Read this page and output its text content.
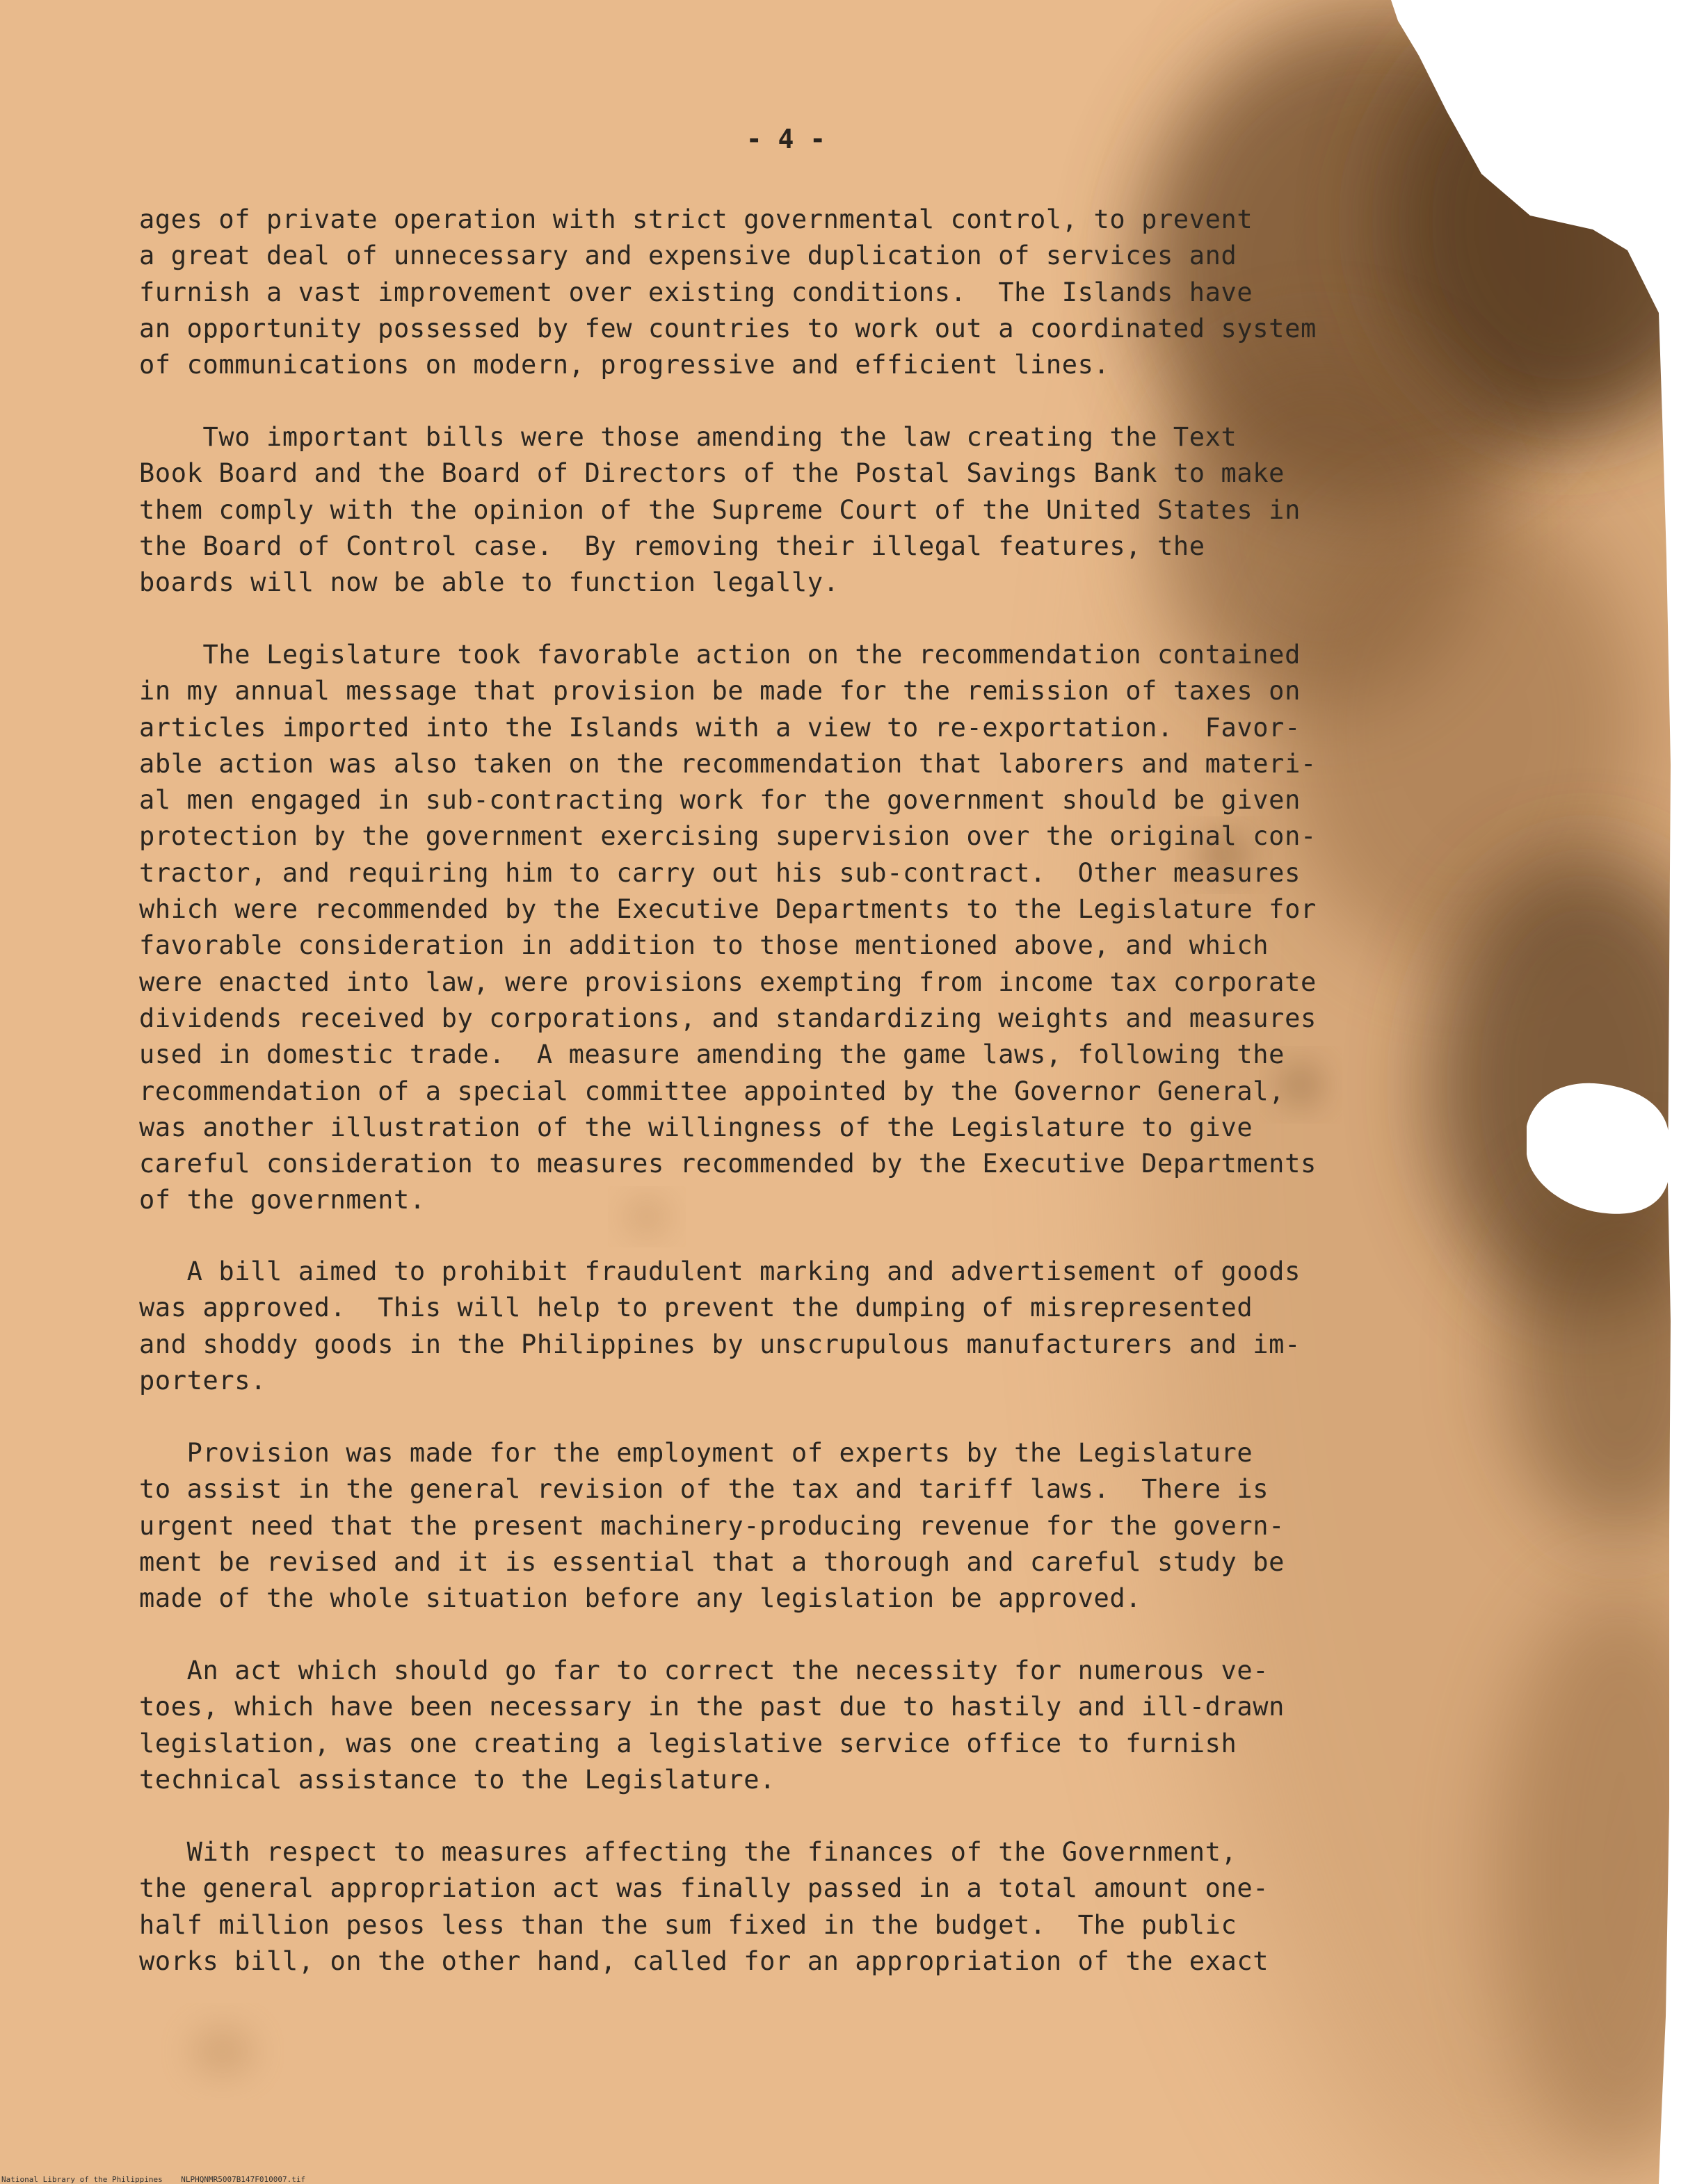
- 4 -

ages of private operation with strict governmental control, to prevent
a great deal of unnecessary and expensive duplication of services and
furnish a vast improvement over existing conditions.  The Islands have
an opportunity possessed by few countries to work out a coordinated system
of communications on modern, progressive and efficient lines.

Two important bills were those amending the law creating the Text
Book Board and the Board of Directors of the Postal Savings Bank to make
them comply with the opinion of the Supreme Court of the United States in
the Board of Control case.  By removing their illegal features, the
boards will now be able to function legally.

The Legislature took favorable action on the recommendation contained
in my annual message that provision be made for the remission of taxes on
articles imported into the Islands with a view to re-exportation.  Favor-
able action was also taken on the recommendation that laborers and materi-
al men engaged in sub-contracting work for the government should be given
protection by the government exercising supervision over the original con-
tractor, and requiring him to carry out his sub-contract.  Other measures
which were recommended by the Executive Departments to the Legislature for
favorable consideration in addition to those mentioned above, and which
were enacted into law, were provisions exempting from income tax corporate
dividends received by corporations, and standardizing weights and measures
used in domestic trade.  A measure amending the game laws, following the
recommendation of a special committee appointed by the Governor General,
was another illustration of the willingness of the Legislature to give
careful consideration to measures recommended by the Executive Departments
of the government.

A bill aimed to prohibit fraudulent marking and advertisement of goods
was approved.  This will help to prevent the dumping of misrepresented
and shoddy goods in the Philippines by unscrupulous manufacturers and im-
porters.

Provision was made for the employment of experts by the Legislature
to assist in the general revision of the tax and tariff laws.  There is
urgent need that the present machinery-producing revenue for the govern-
ment be revised and it is essential that a thorough and careful study be
made of the whole situation before any legislation be approved.

An act which should go far to correct the necessity for numerous ve-
toes, which have been necessary in the past due to hastily and ill-drawn
legislation, was one creating a legislative service office to furnish
technical assistance to the Legislature.

With respect to measures affecting the finances of the Government,
the general appropriation act was finally passed in a total amount one-
half million pesos less than the sum fixed in the budget.  The public
works bill, on the other hand, called for an appropriation of the exact

National Library of the Philippines    NLPHQNMR5007B147F010007.tif
